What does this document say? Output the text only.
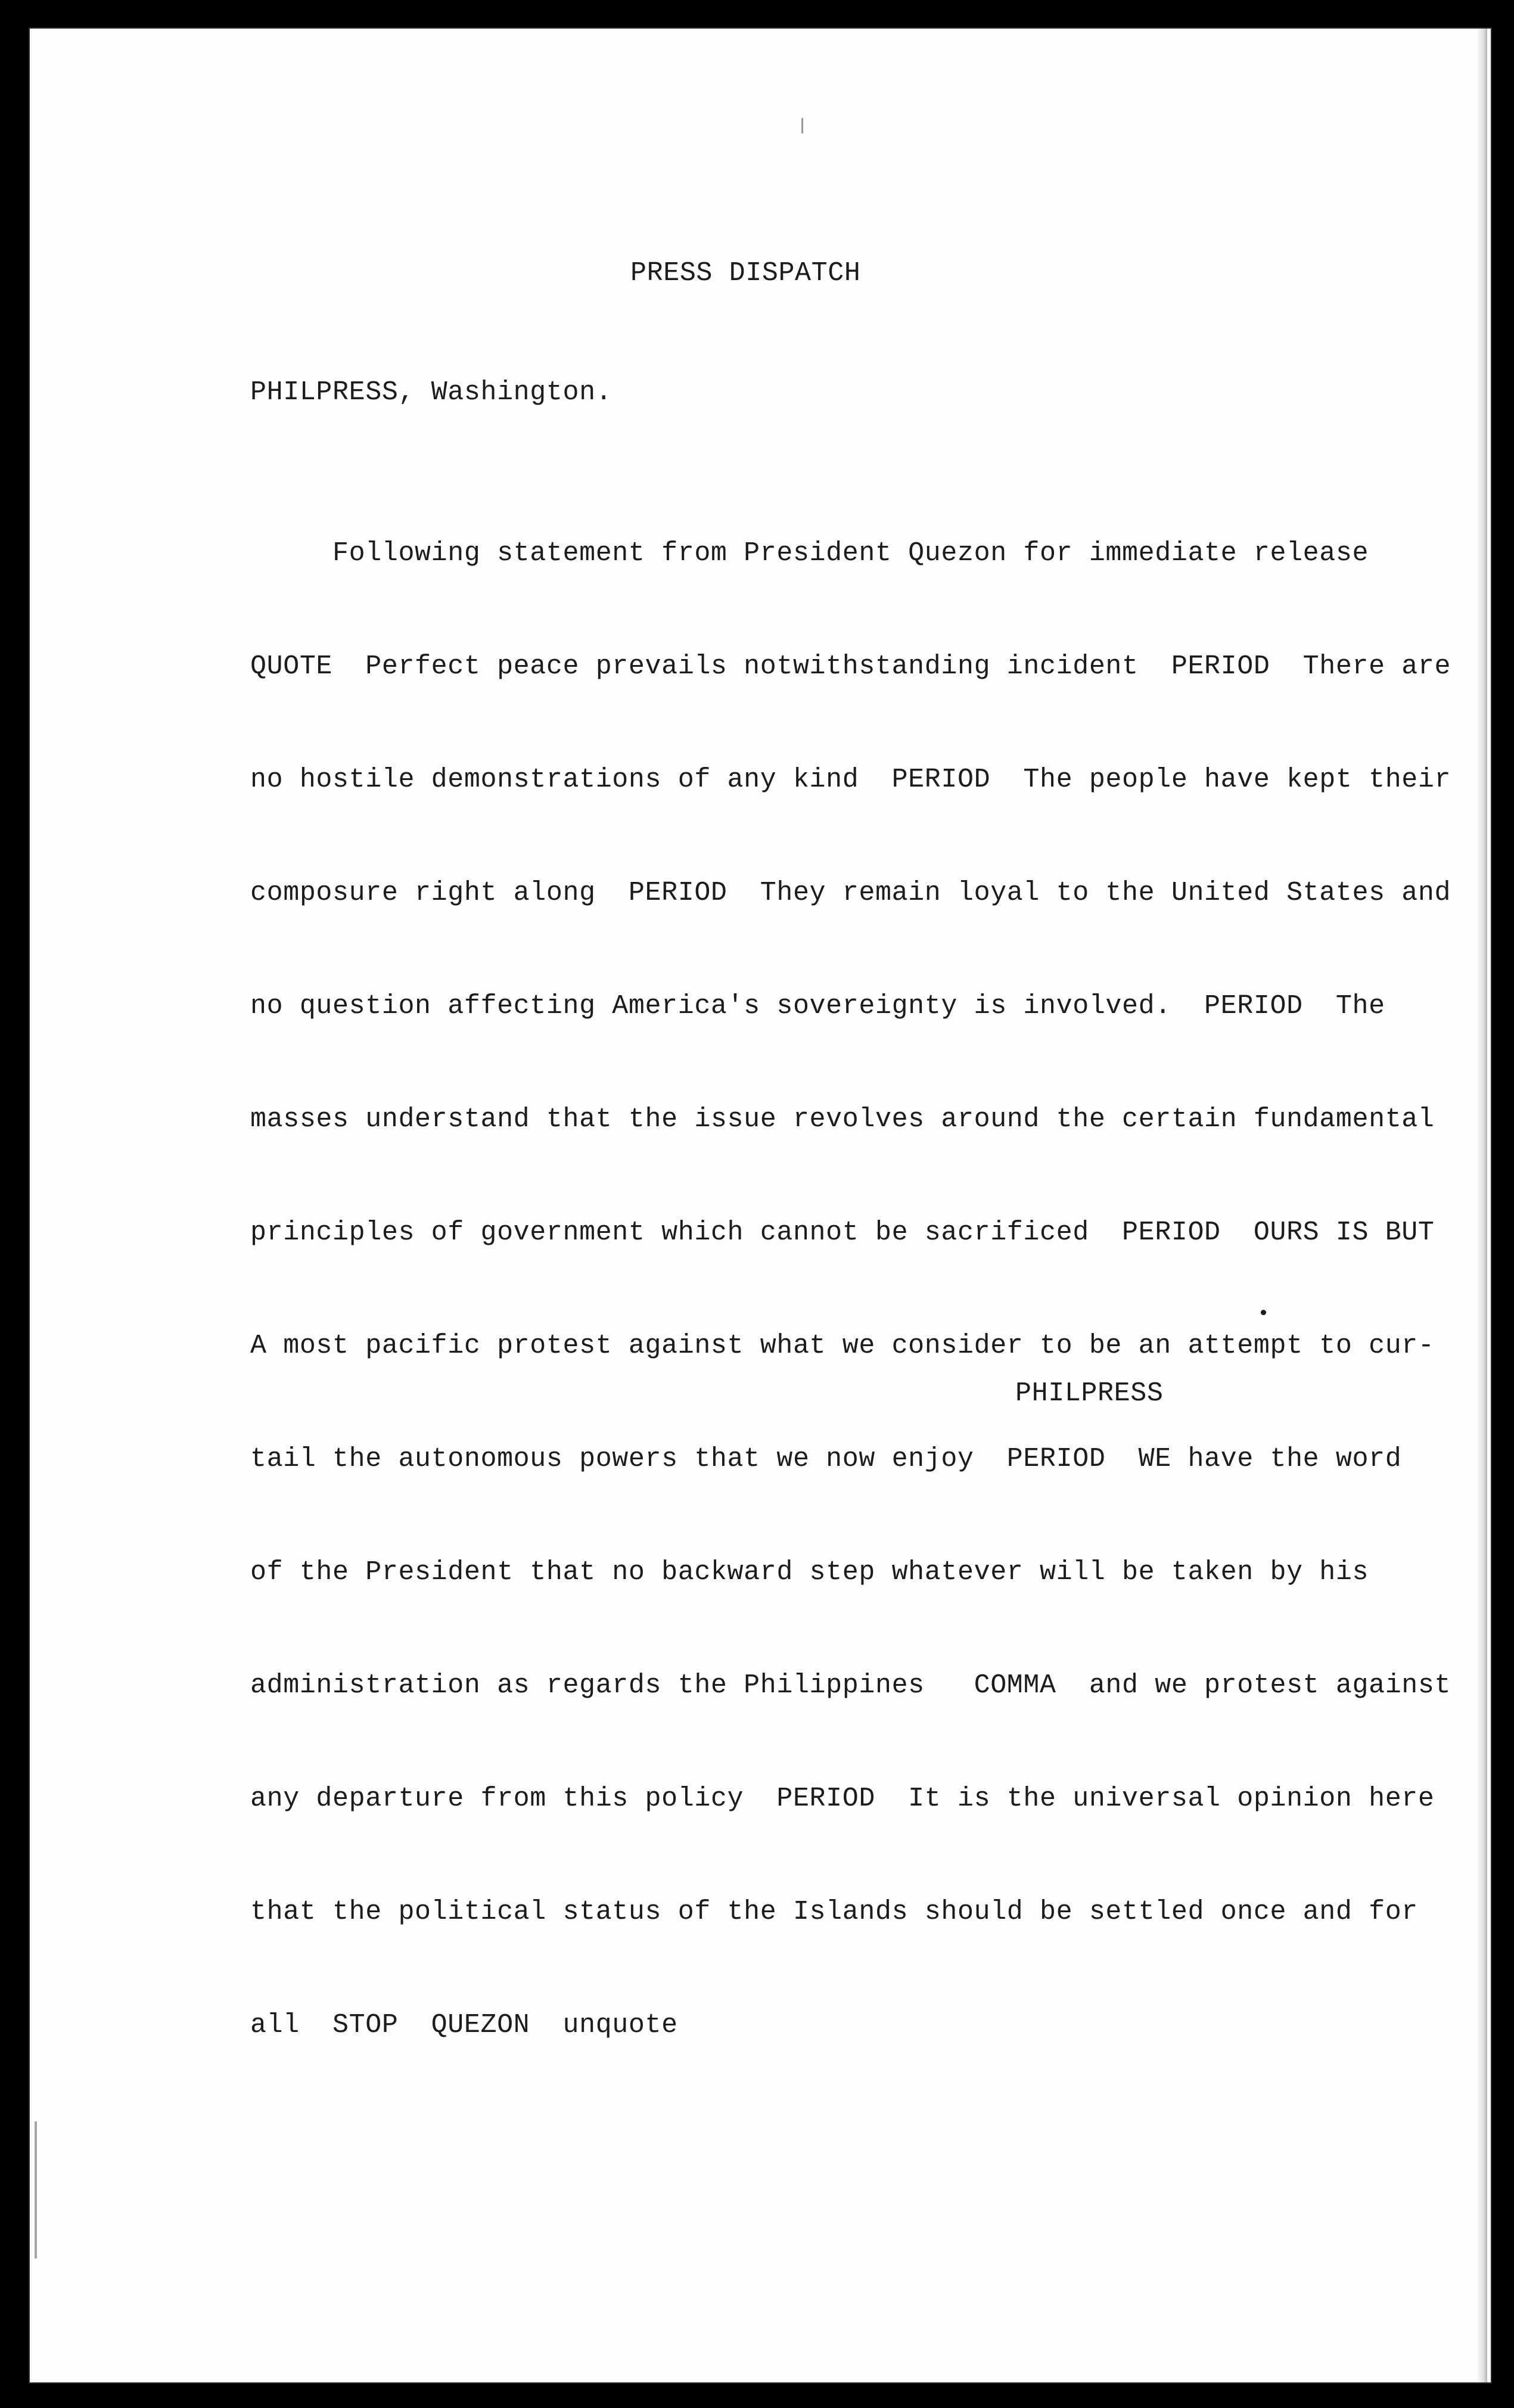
PRESS DISPATCH
PHILPRESS, Washington.

Following statement from President Quezon for immediate release

QUOTE  Perfect peace prevails notwithstanding incident  PERIOD  There are

no hostile demonstrations of any kind  PERIOD  The people have kept their

composure right along  PERIOD  They remain loyal to the United States and

no question affecting America's sovereignty is involved.  PERIOD  The

masses understand that the issue revolves around the certain fundamental

principles of government which cannot be sacrificed  PERIOD  OURS IS BUT

A most pacific protest against what we consider to be an attempt to cur-

tail the autonomous powers that we now enjoy  PERIOD  WE have the word

of the President that no backward step whatever will be taken by his

administration as regards the Philippines   COMMA  and we protest against

any departure from this policy  PERIOD  It is the universal opinion here

that the political status of the Islands should be settled once and for

all  STOP  QUEZON  unquote

PHILPRESS
